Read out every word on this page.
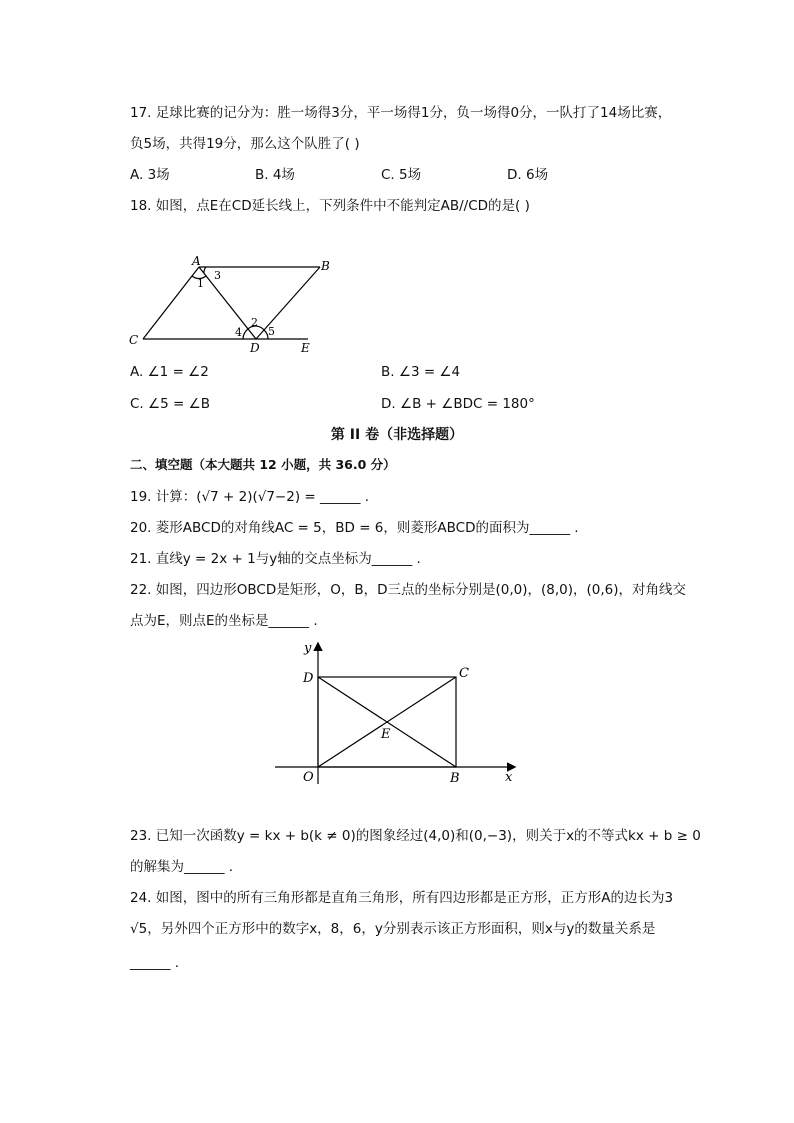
17. 足球比赛的记分为：胜一场得3分，平一场得1分，负一场得0分，一队打了14场比赛，
负5场，共得19分，那么这个队胜了( )
A. 3场	B. 4场	C. 5场	D. 6场
18. 如图，点E在CD延长线上，下列条件中不能判定AB//CD的是( )
A	B
C
D	E
1
3
4
2
5
A. ∠1 = ∠2	B. ∠3 = ∠4
C. ∠5 = ∠B	D. ∠B + ∠BDC = 180°
第 II 卷（非选择题）
二、填空题（本大题共 12 小题，共 36.0 分）
19. 计算：(√7 + 2)(√7−2) = ______ .
20. 菱形ABCD的对角线AC = 5，BD = 6，则菱形ABCD的面积为______ .
21. 直线y = 2x + 1与y轴的交点坐标为______ .
22. 如图，四边形OBCD是矩形，O，B，D三点的坐标分别是(0,0)，(8,0)，(0,6)，对角线交
点为E，则点E的坐标是______ .
y
x
O	B
C
D
E
23. 已知一次函数y = kx + b(k ≠ 0)的图象经过(4,0)和(0,−3)，则关于x的不等式kx + b ≥ 0
的解集为______ .
24. 如图，图中的所有三角形都是直角三角形，所有四边形都是正方形，正方形A的边长为3
√5，另外四个正方形中的数字x，8，6，y分别表示该正方形面积，则x与y的数量关系是
______ .
